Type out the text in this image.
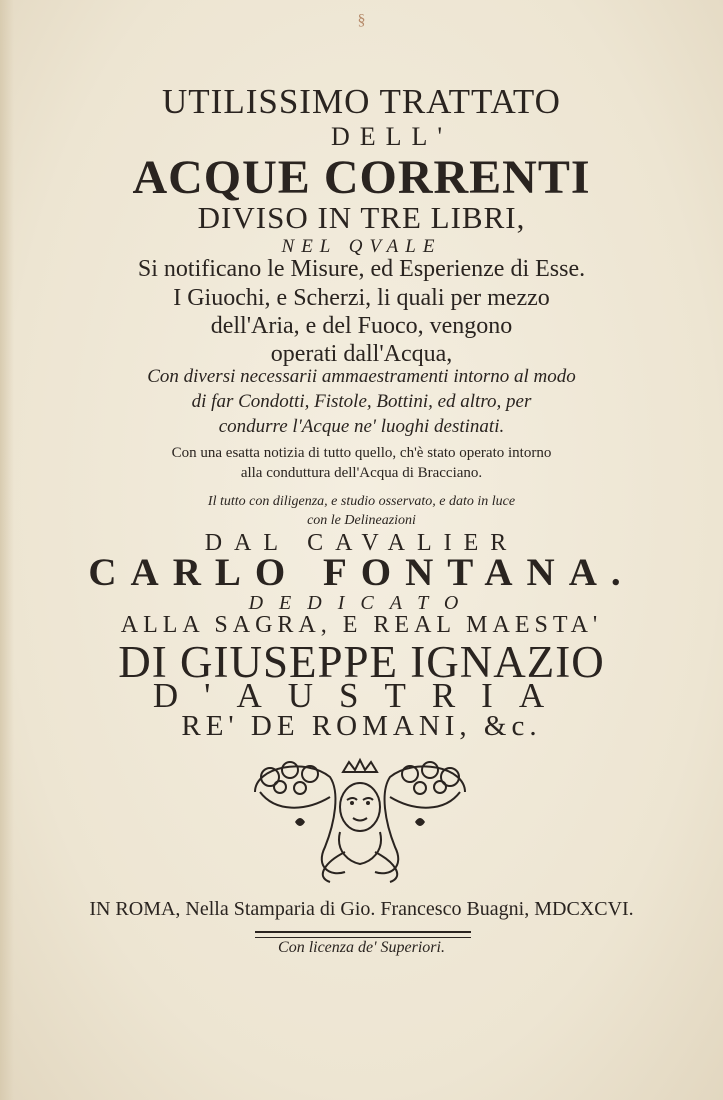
§
UTILISSIMO TRATTATO
DELL'
ACQUE CORRENTI
DIVISO IN TRE LIBRI,
NEL QVALE
Si notificano le Misure, ed Esperienze di Esse.
I Giuochi, e Scherzi, li quali per mezzo
dell'Aria, e del Fuoco, vengono
operati dall'Acqua,
Con diversi necessarii ammaestramenti intorno al modo
di far Condotti, Fistole, Bottini, ed altro, per
condurre l'Acque ne' luoghi destinati.
Con una esatta notizia di tutto quello, ch'è stato operato intorno
alla conduttura dell'Acqua di Bracciano.
Il tutto con diligenza, e studio osservato, e dato in luce
con le Delineazioni
DAL CAVALIER
CARLO FONTANA.
DEDICATO
ALLA SAGRA, E REAL MAESTA'
DI GIUSEPPE IGNAZIO
D'AUSTRIA
RE' DE ROMANI, &c.
IN ROMA, Nella Stamparia di Gio. Francesco Buagni, MDCXCVI.
Con licenza de' Superiori.
